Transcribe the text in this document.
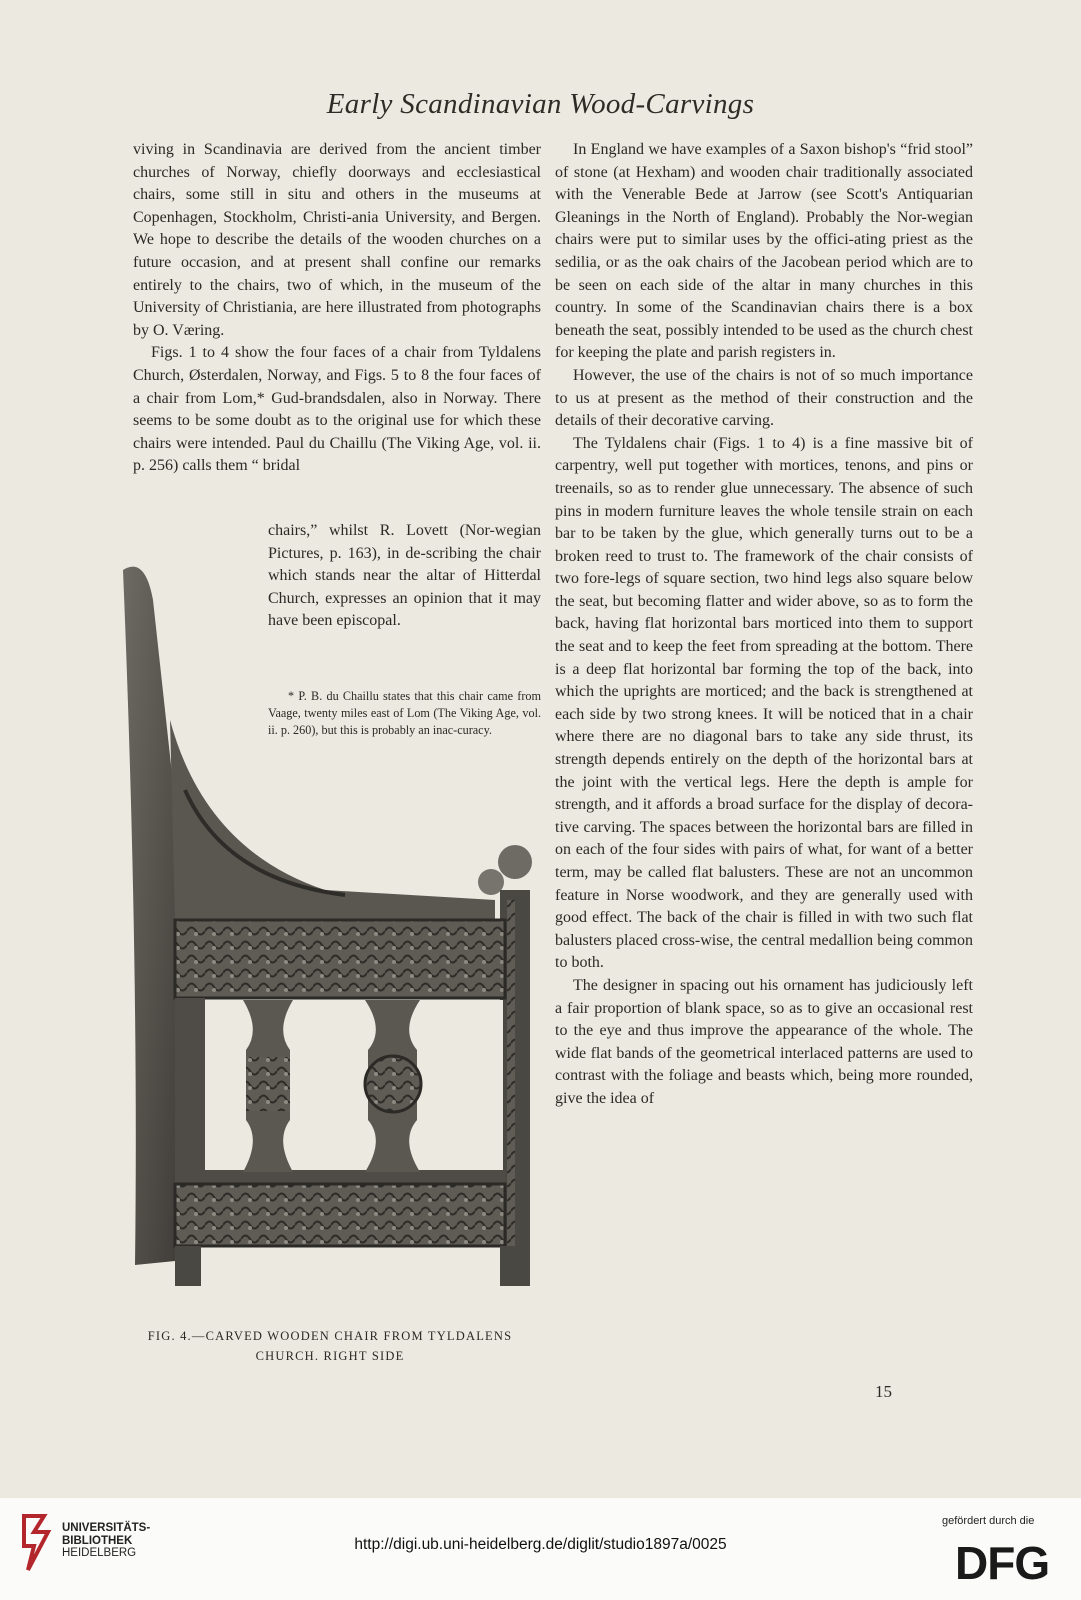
Early Scandinavian Wood-Carvings

viving in Scandinavia are derived from the ancient timber churches of Norway, chiefly doorways and ecclesiastical chairs, some still in situ and others in the museums at Copenhagen, Stockholm, Christi-ania University, and Bergen. We hope to describe the details of the wooden churches on a future occasion, and at present shall confine our remarks entirely to the chairs, two of which, in the museum of the University of Christiania, are here illustrated from photographs by O. Væring.

Figs. 1 to 4 show the four faces of a chair from Tyldalens Church, Østerdalen, Norway, and Figs. 5 to 8 the four faces of a chair from Lom,* Gud-brandsdalen, also in Norway. There seems to be some doubt as to the original use for which these chairs were intended. Paul du Chaillu (The Viking Age, vol. ii. p. 256) calls them “ bridal

chairs,” whilst R. Lovett (Nor-wegian Pictures, p. 163), in de-scribing the chair which stands near the altar of Hitterdal Church, expresses an opinion that it may have been episcopal.

* P. B. du Chaillu states that this chair came from Vaage, twenty miles east of Lom (The Viking Age, vol. ii. p. 260), but this is probably an inac-curacy.

FIG. 4.—CARVED WOODEN CHAIR FROM TYLDALENS
CHURCH. RIGHT SIDE

In England we have examples of a Saxon bishop's “frid stool” of stone (at Hexham) and wooden chair traditionally associated with the Venerable Bede at Jarrow (see Scott's Antiquarian Gleanings in the North of England). Probably the Nor-wegian chairs were put to similar uses by the offici-ating priest as the sedilia, or as the oak chairs of the Jacobean period which are to be seen on each side of the altar in many churches in this country. In some of the Scandinavian chairs there is a box beneath the seat, possibly intended to be used as the church chest for keeping the plate and parish registers in.

However, the use of the chairs is not of so much importance to us at present as the method of their construction and the details of their decorative carving.

The Tyldalens chair (Figs. 1 to 4) is a fine massive bit of carpentry, well put together with mortices, tenons, and pins or treenails, so as to render glue unnecessary. The absence of such pins in modern furniture leaves the whole tensile strain on each bar to be taken by the glue, which generally turns out to be a broken reed to trust to. The framework of the chair consists of two fore-legs of square section, two hind legs also square below the seat, but becoming flatter and wider above, so as to form the back, having flat horizontal bars morticed into them to support the seat and to keep the feet from spreading at the bottom. There is a deep flat horizontal bar forming the top of the back, into which the uprights are morticed; and the back is strengthened at each side by two strong knees. It will be noticed that in a chair where there are no diagonal bars to take any side thrust, its strength depends entirely on the depth of the horizontal bars at the joint with the vertical legs. Here the depth is ample for strength, and it affords a broad surface for the display of decora-tive carving. The spaces between the horizontal bars are filled in on each of the four sides with pairs of what, for want of a better term, may be called flat balusters. These are not an uncommon feature in Norse woodwork, and they are generally used with good effect. The back of the chair is filled in with two such flat balusters placed cross-wise, the central medallion being common to both.

The designer in spacing out his ornament has judiciously left a fair proportion of blank space, so as to give an occasional rest to the eye and thus improve the appearance of the whole. The wide flat bands of the geometrical interlaced patterns are used to contrast with the foliage and beasts which, being more rounded, give the idea of

15
UNIVERSITÄTS-
BIBLIOTHEK
HEIDELBERG	http://digi.ub.uni-heidelberg.de/diglit/studio1897a/0025
gefördert durch die
DFG
